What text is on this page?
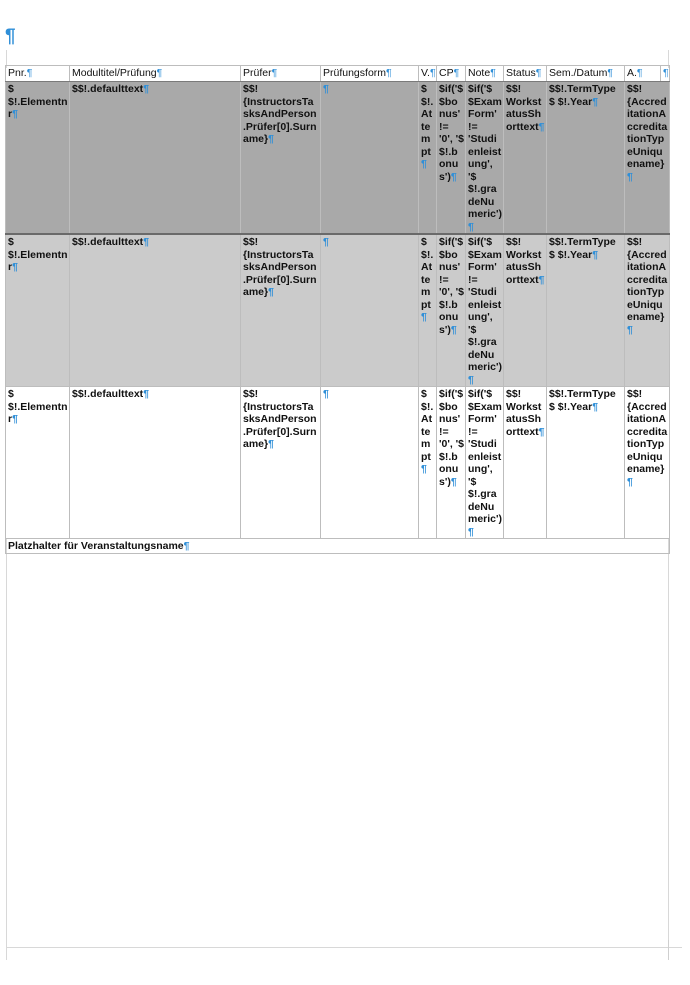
¶
Pnr.¶	Modultitel/Prüfung¶	Prüfer¶	Prüfungsform¶	V.¶	CP¶	Note¶	Status¶	Sem./Datum¶	A.¶	¶
$ $!.Elementnr¶	$$!.defaulttext¶	$$! {InstructorsTasksAndPerson.Prüfer[0].Surname}¶	¶	$ $!.Attempt¶	$if('$ $bonus' != '0', '$ $!.bonus')¶	$if('$ $ExamForm' != 'Studienleistung', '$ $!.gradeNumeric')¶	$$! WorkstatusShorttext¶	$$!.TermType $ $!.Year¶	$$! {AccreditationAccreditationTypeUniquename}¶	
$ $!.Elementnr¶	$$!.defaulttext¶	$$! {InstructorsTasksAndPerson.Prüfer[0].Surname}¶	¶	$ $!.Attempt¶	$if('$ $bonus' != '0', '$ $!.bonus')¶	$if('$ $ExamForm' != 'Studienleistung', '$ $!.gradeNumeric')¶	$$! WorkstatusShorttext¶	$$!.TermType $ $!.Year¶	$$! {AccreditationAccreditationTypeUniquename}¶	
$ $!.Elementnr¶	$$!.defaulttext¶	$$! {InstructorsTasksAndPerson.Prüfer[0].Surname}¶	¶	$ $!.Attempt¶	$if('$ $bonus' != '0', '$ $!.bonus')¶	$if('$ $ExamForm' != 'Studienleistung', '$ $!.gradeNumeric')¶	$$! WorkstatusShorttext¶	$$!.TermType $ $!.Year¶	$$! {AccreditationAccreditationTypeUniquename} ¶	
Platzhalter für Veranstaltungsname¶										
